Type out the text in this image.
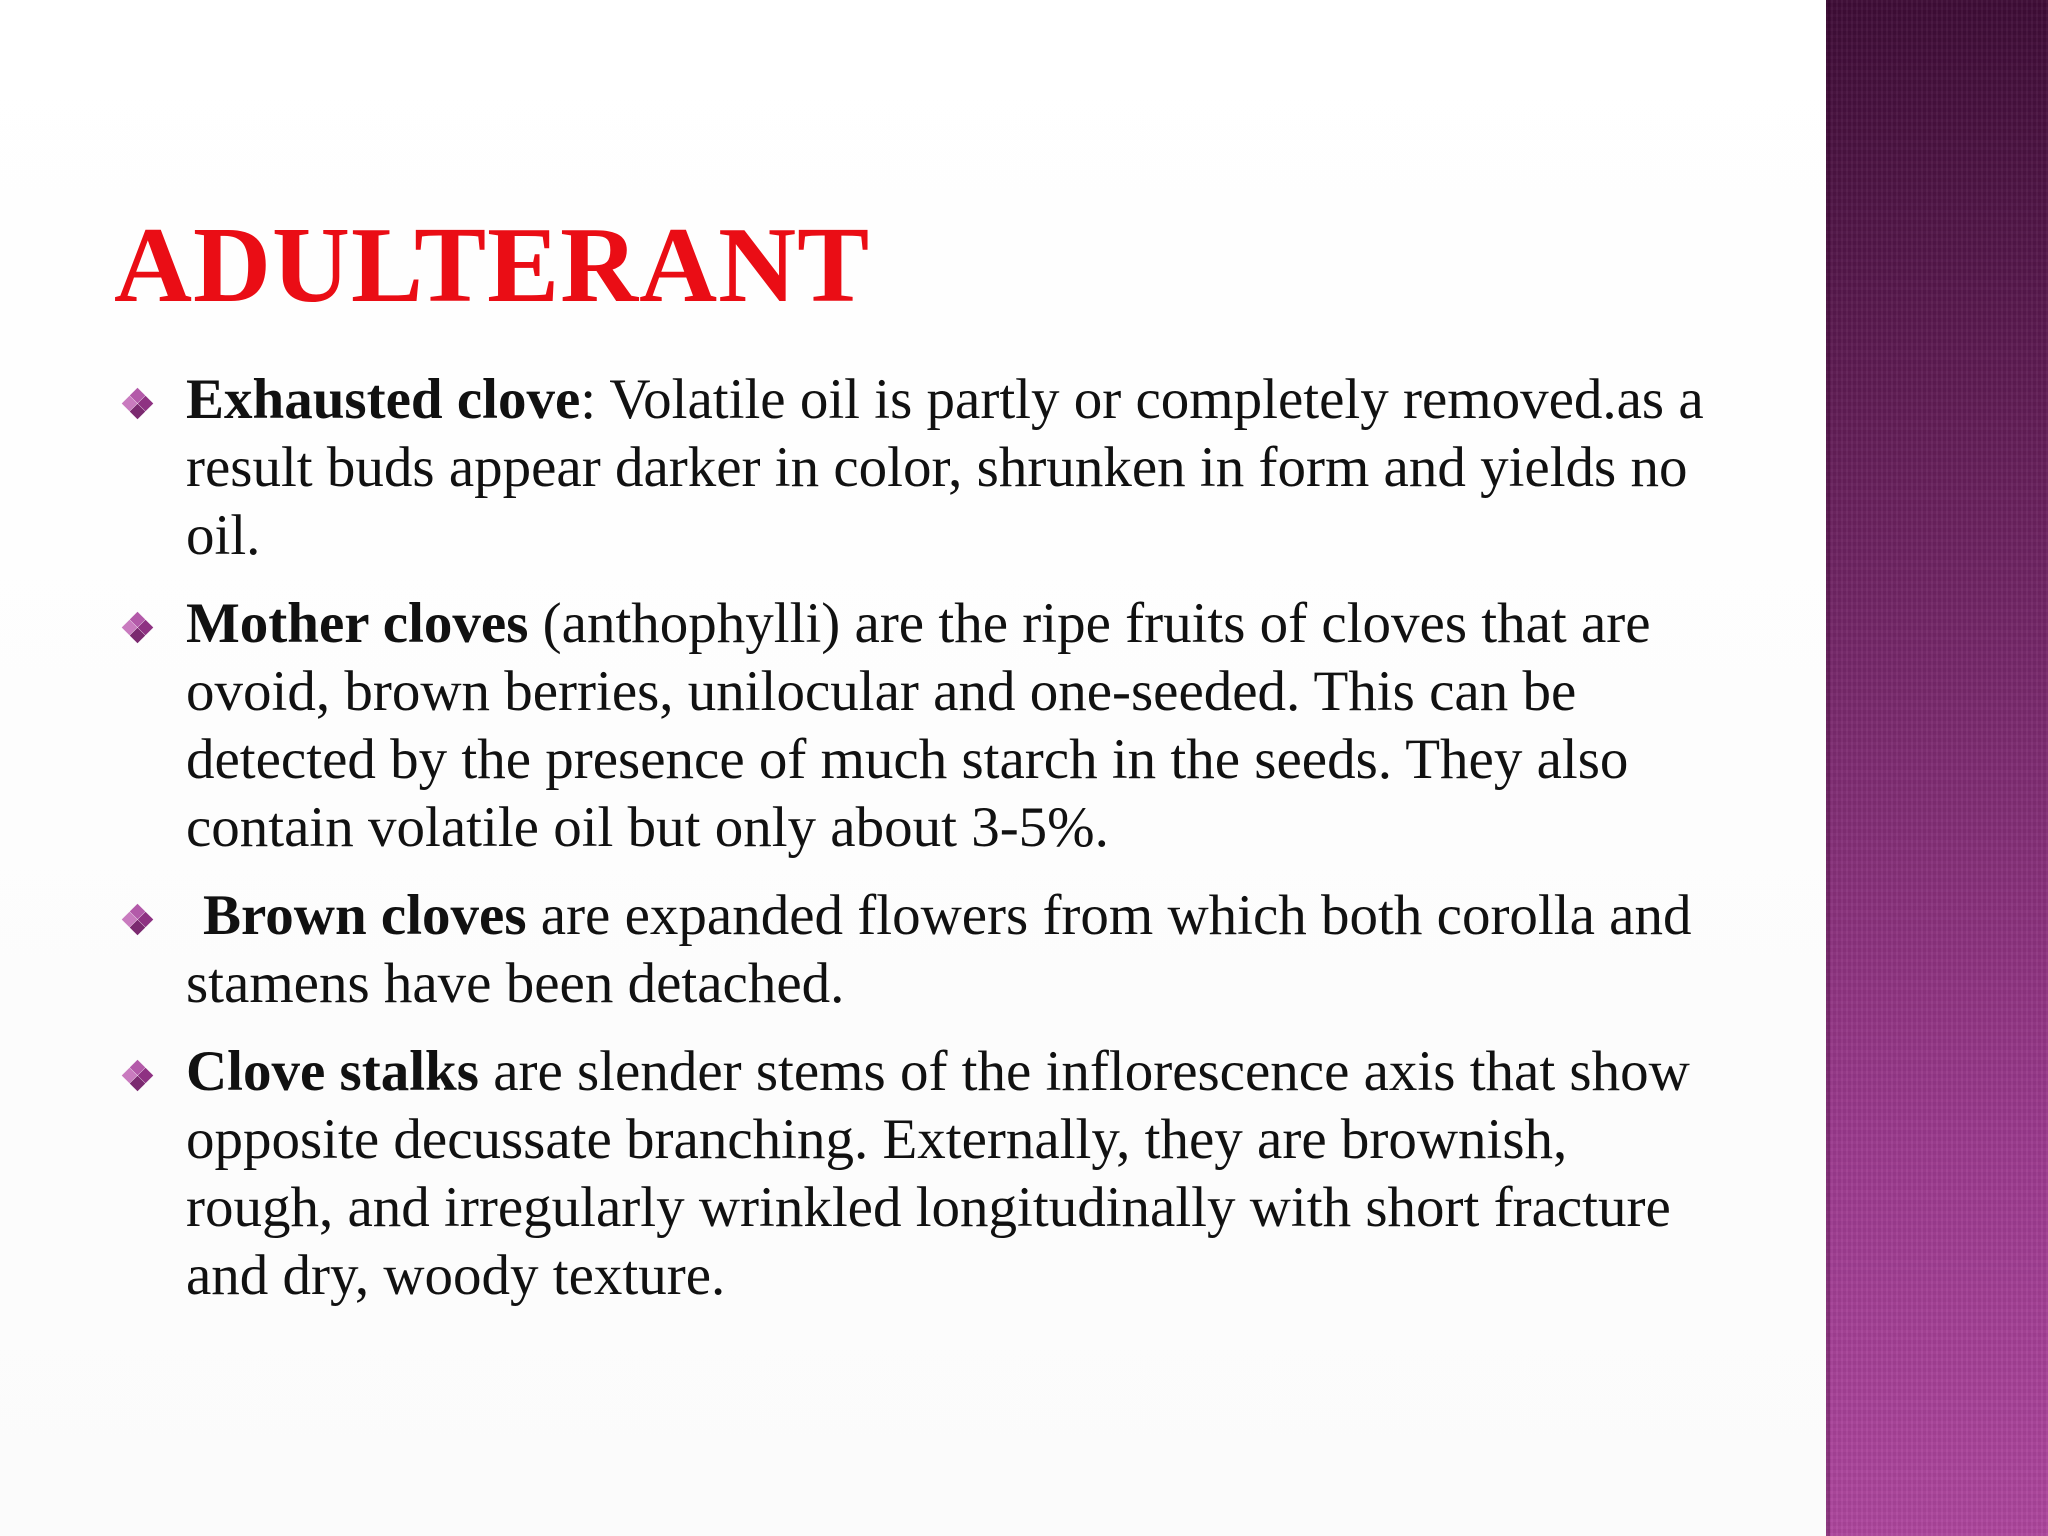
ADULTERANT
Exhausted clove: Volatile oil is partly or completely removed.as a result buds appear darker in color, shrunken in form and yields no oil.
Mother cloves (anthophylli) are the ripe fruits of cloves that are ovoid, brown berries, unilocular and one-seeded. This can be detected by the presence of much starch in the seeds. They also contain volatile oil but only about 3-5%.
Brown cloves are expanded flowers from which both corolla and stamens have been detached.
Clove stalks are slender stems of the inflorescence axis that show opposite decussate branching. Externally, they are brownish, rough, and irregularly wrinkled longitudinally with short fracture and dry, woody texture.
